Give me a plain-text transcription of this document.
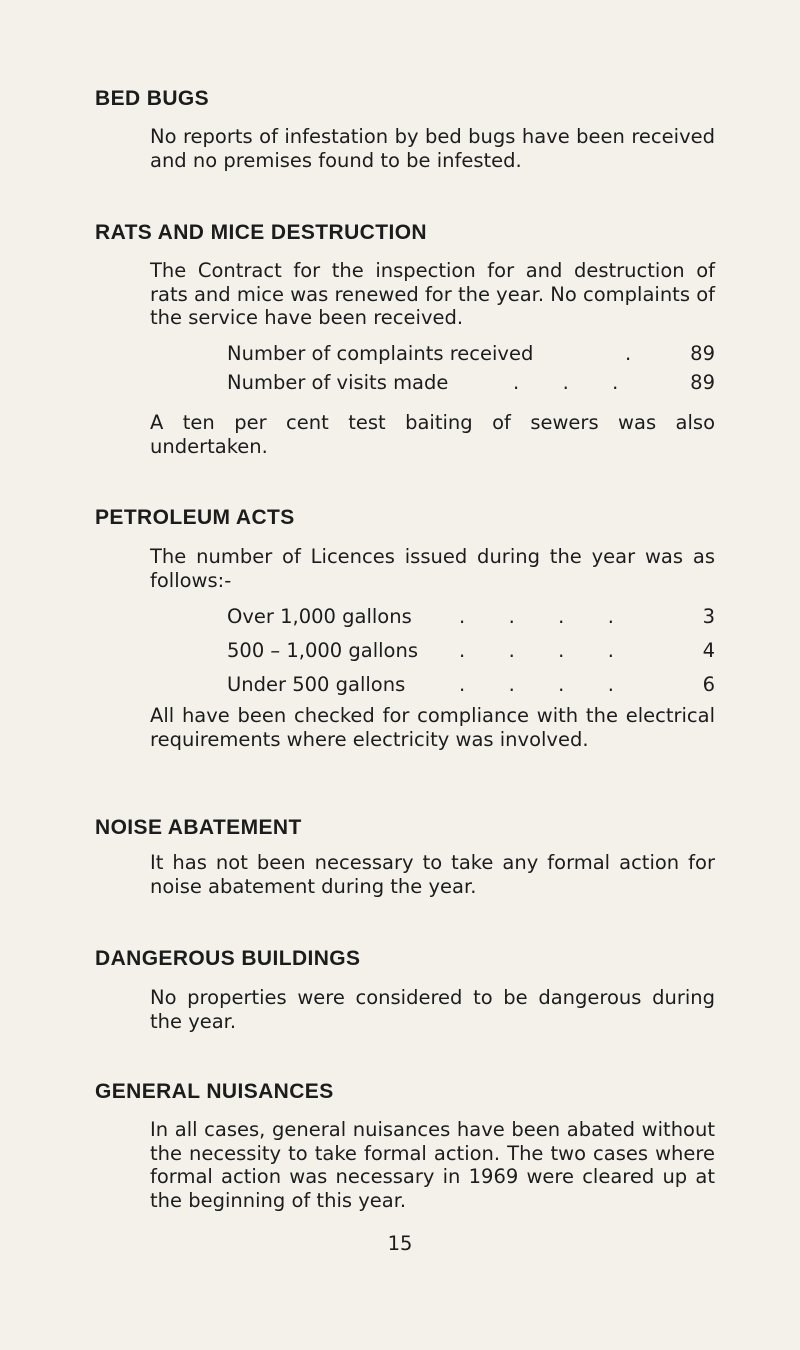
BED BUGS

No reports of infestation by bed bugs have been received and no premises found to be infested.

RATS AND MICE DESTRUCTION

The Contract for the inspection for and destruction of rats and mice was renewed for the year. No complaints of the service have been received.

Number of complaints received	.	89
Number of visits made	.       .       .	89

A ten per cent test baiting of sewers was also undertaken.

PETROLEUM ACTS

The number of Licences issued during the year was as follows:-

Over 1,000 gallons .       .       .       .	3
500 – 1,000 gallons .       .       .       .	4
Under 500 gallons	.       .       .       .	6

All have been checked for compliance with the electrical requirements where electricity was involved.

NOISE ABATEMENT

It has not been necessary to take any formal action for noise abatement during the year.

DANGEROUS BUILDINGS

No properties were considered to be dangerous during the year.

GENERAL NUISANCES

In all cases, general nuisances have been abated without the necessity to take formal action. The two cases where formal action was necessary in 1969 were cleared up at the beginning of this year.

15
